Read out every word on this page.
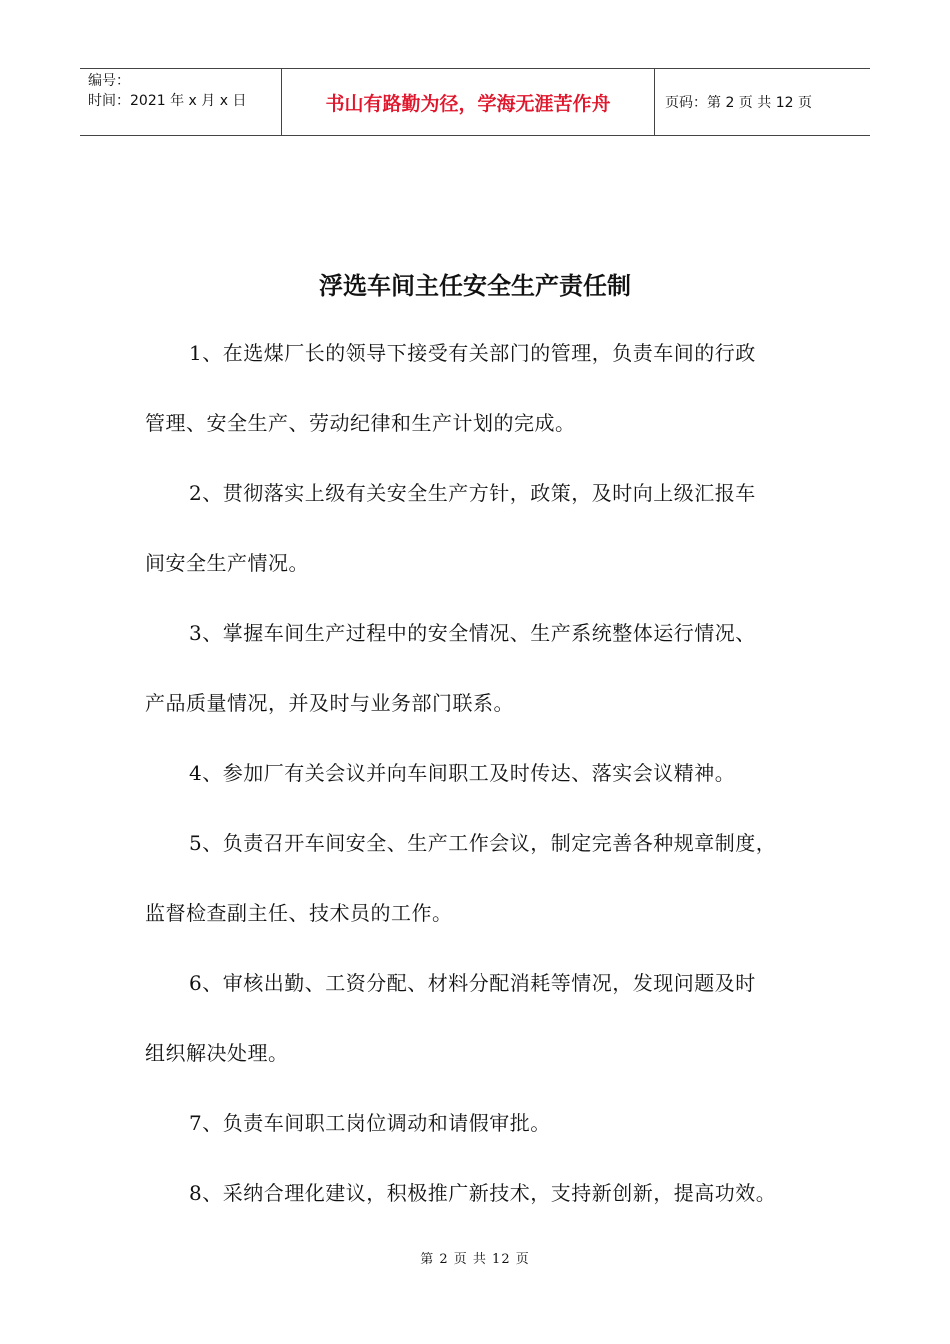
编号：
时间：2021 年 x 月 x 日	书山有路勤为径，学海无涯苦作舟	页码：第 2 页 共 12 页
浮选车间主任安全生产责任制

1、在选煤厂长的领导下接受有关部门的管理，负责车间的行政
管理、安全生产、劳动纪律和生产计划的完成。

2、贯彻落实上级有关安全生产方针，政策，及时向上级汇报车
间安全生产情况。

3、掌握车间生产过程中的安全情况、生产系统整体运行情况、
产品质量情况，并及时与业务部门联系。

4、参加厂有关会议并向车间职工及时传达、落实会议精神。

5、负责召开车间安全、生产工作会议，制定完善各种规章制度，
监督检查副主任、技术员的工作。

6、审核出勤、工资分配、材料分配消耗等情况，发现问题及时
组织解决处理。

7、负责车间职工岗位调动和请假审批。

8、采纳合理化建议，积极推广新技术，支持新创新，提高功效。

第 2 页 共 12 页
